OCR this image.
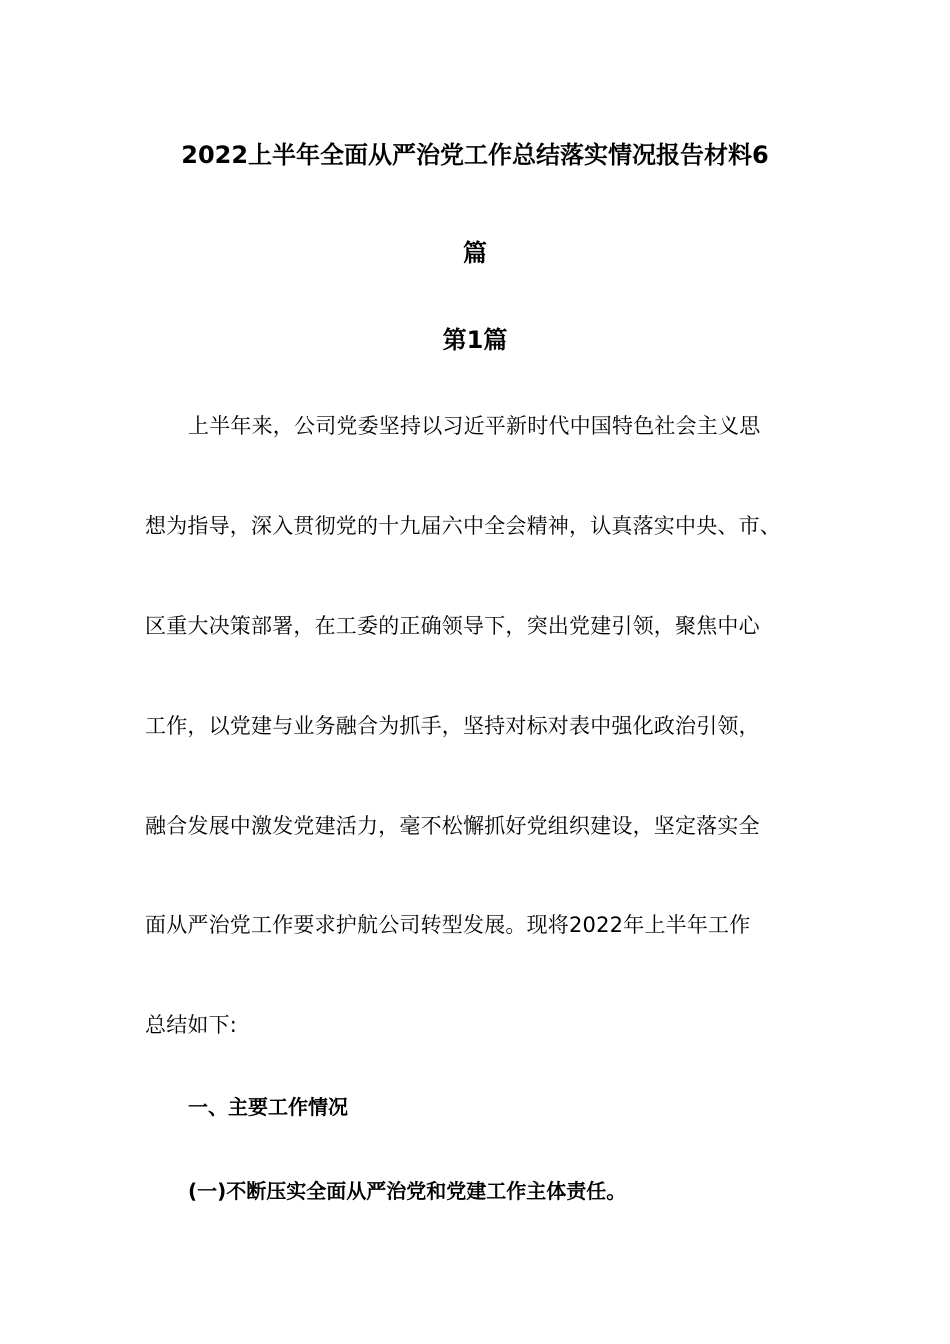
2022上半年全面从严治党工作总结落实情况报告材料6
篇
第1篇
上半年来，公司党委坚持以习近平新时代中国特色社会主义思
想为指导，深入贯彻党的十九届六中全会精神，认真落实中央、市、
区重大决策部署，在工委的正确领导下，突出党建引领，聚焦中心
工作，以党建与业务融合为抓手，坚持对标对表中强化政治引领，
融合发展中激发党建活力，毫不松懈抓好党组织建设，坚定落实全
面从严治党工作要求护航公司转型发展。现将2022年上半年工作
总结如下:
一、主要工作情况
(一)不断压实全面从严治党和党建工作主体责任。
